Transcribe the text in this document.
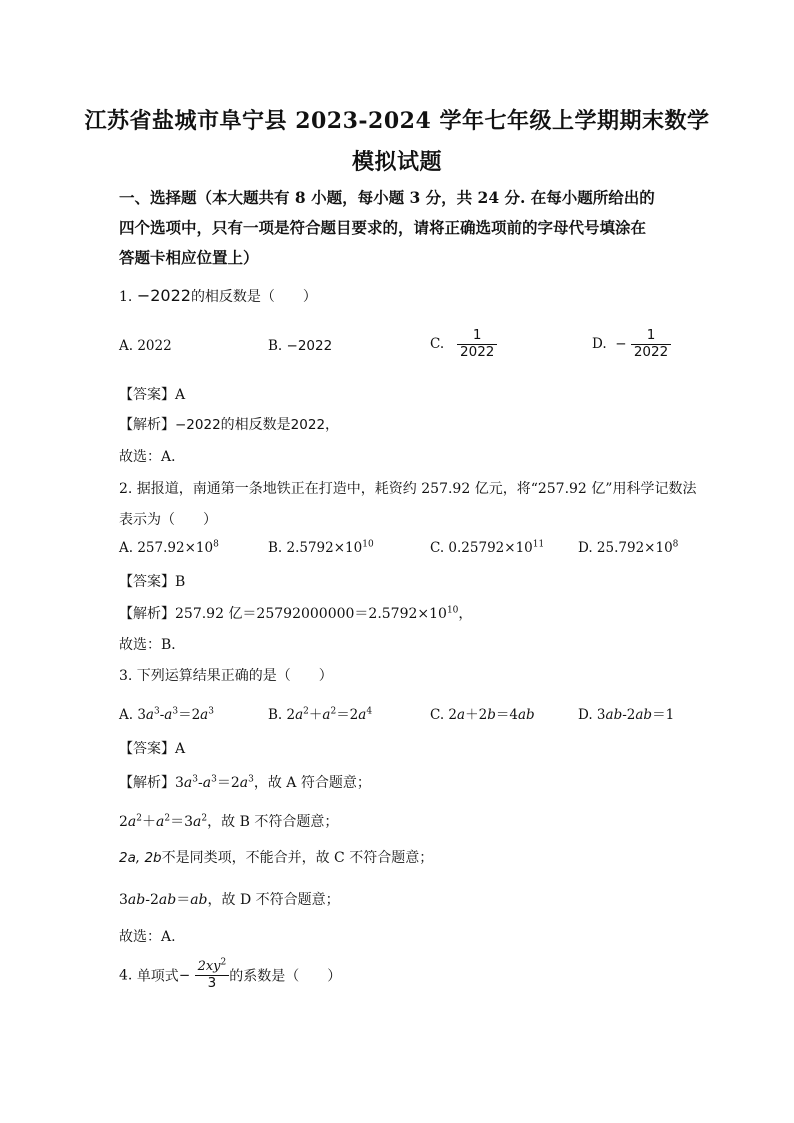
江苏省盐城市阜宁县 2023-2024 学年七年级上学期期末数学
模拟试题
一、选择题（本大题共有 8 小题，每小题 3 分，共 24 分. 在每小题所给出的
四个选项中，只有一项是符合题目要求的，请将正确选项前的字母代号填涂在
答题卡相应位置上）
1. −2022的相反数是（　　）
A. 2022	B. −2022	C. $\frac{1}{2022}$	D. − $\frac{1}{2022}$
【答案】A
【解析】−2022的相反数是2022，
故选：A．
2. 据报道，南通第一条地铁正在打造中，耗资约 257.92 亿元，将“257.92 亿”用科学记数法
表示为（　　）
A. $257.92\times 10^8$	B. $2.5792\times 10^{10}$	C. $0.25792\times 10^{11}$	D. $25.792\times 10^8$
【答案】B
【解析】257.92 亿$=25792000000=2.5792\times 10^{10}$，
故选：B．
3. 下列运算结果正确的是（　　）
A. $3a^3-a^3=2a^3$	B. $2a^2+a^2=2a^4$	C. 2a＋2b＝4ab	D. 3ab-2ab＝1
【答案】A
【解析】$3a^3-a^3=2a^3$，故 A 符合题意；
$2a^2+a^2=3a^2$，故 B 不符合题意；
2a, 2b不是同类项，不能合并，故 C 不符合题意；
3ab-2ab＝ab，故 D 不符合题意；
故选：A.
4. 单项式− $\frac{2xy^2}{3}$ 的系数是（　　）
